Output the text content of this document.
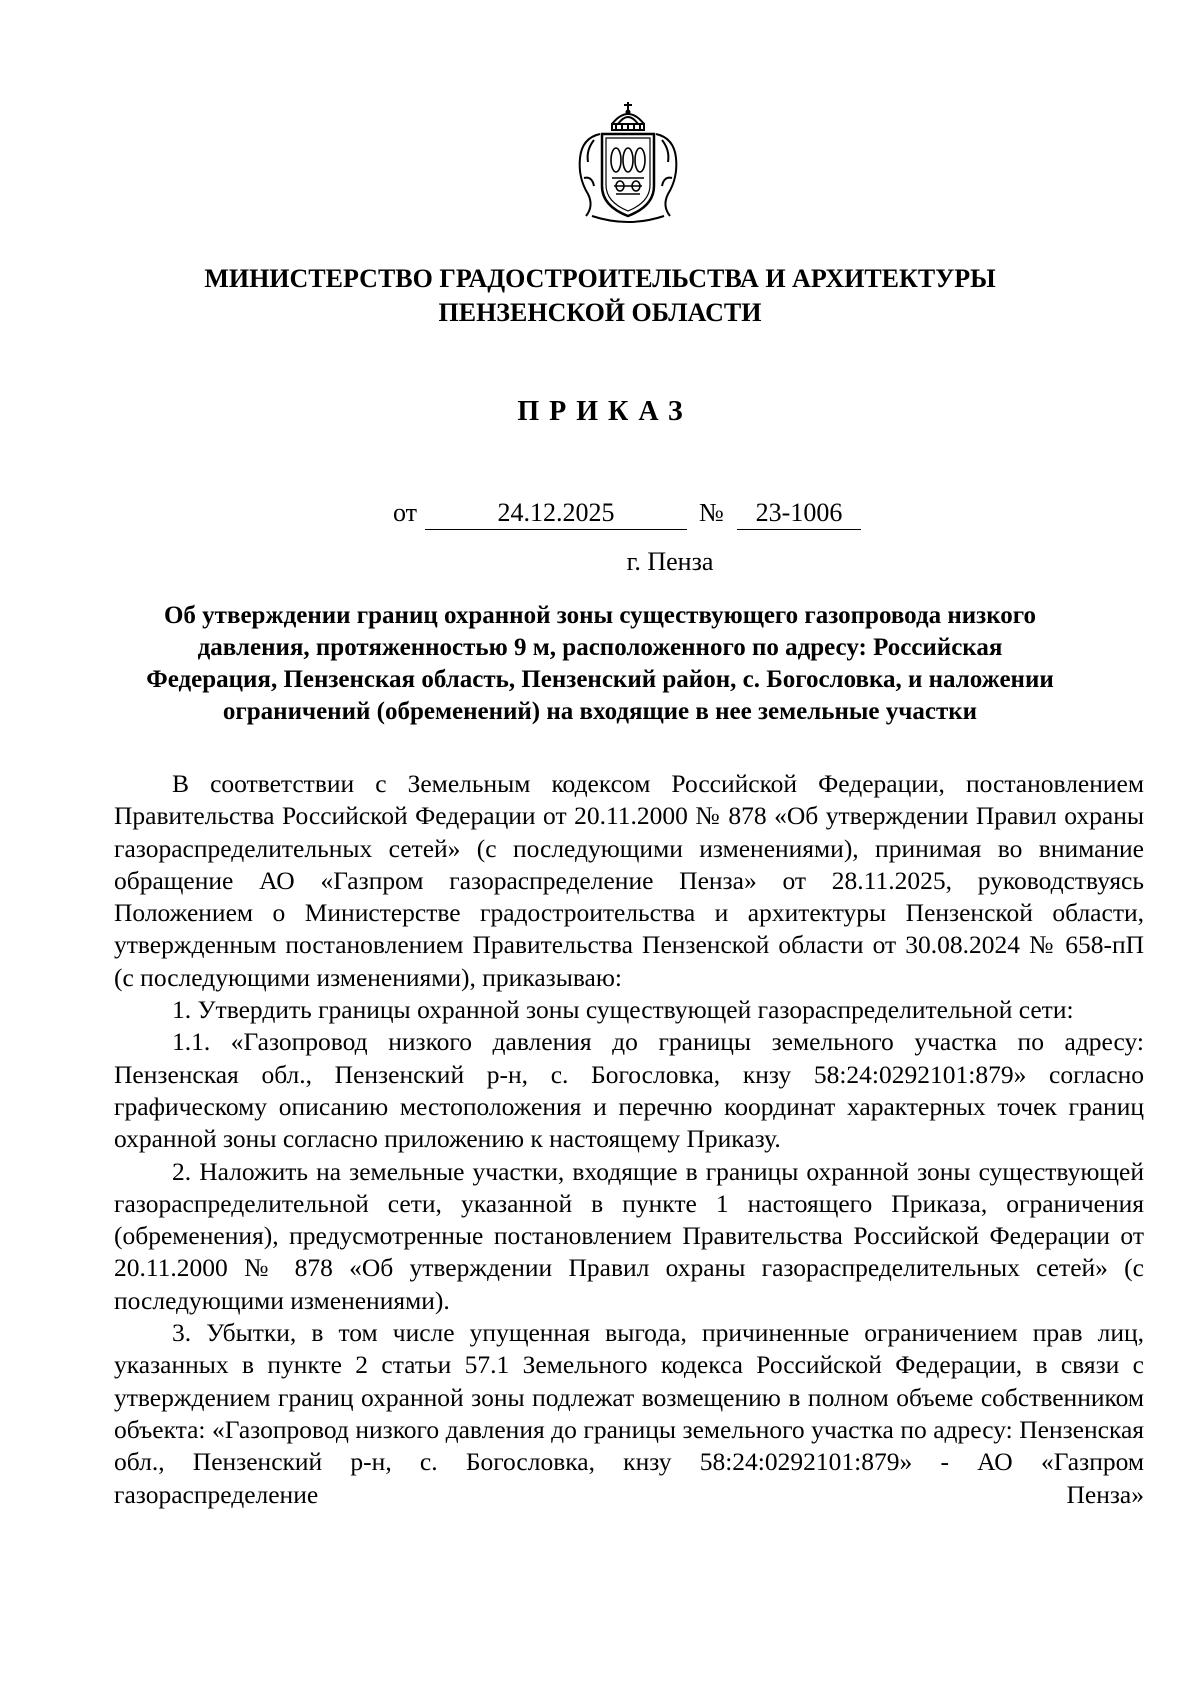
МИНИСТЕРСТВО ГРАДОСТРОИТЕЛЬСТВА И АРХИТЕКТУРЫ
ПЕНЗЕНСКОЙ ОБЛАСТИ
ПРИКАЗ
от	24.12.2025	№	23-1006
г. Пенза
Об утверждении границ охранной зоны существующего газопровода низкого
давления, протяженностью 9 м, расположенного по адресу: Российская
Федерация, Пензенская область, Пензенский район, с. Богословка, и наложении
ограничений (обременений) на входящие в нее земельные участки

В соответствии с Земельным кодексом Российской Федерации, постановлением Правительства Российской Федерации от 20.11.2000 № 878 «Об утверждении Правил охраны газораспределительных сетей» (с последующими изменениями), принимая во внимание обращение АО «Газпром газораспределение Пенза» от 28.11.2025, руководствуясь Положением о Министерстве градостроительства и архитектуры Пензенской области, утвержденным постановлением Правительства Пензенской области от 30.08.2024 № 658-пП (с последующими изменениями), приказываю:

1. Утвердить границы охранной зоны существующей газораспределительной сети:

1.1. «Газопровод низкого давления до границы земельного участка по адресу: Пензенская обл., Пензенский р-н, с. Богословка, кнзу 58:24:0292101:879» согласно графическому описанию местоположения и перечню координат характерных точек границ охранной зоны согласно приложению к настоящему Приказу.

2. Наложить на земельные участки, входящие в границы охранной зоны существующей газораспределительной сети, указанной в пункте 1 настоящего Приказа, ограничения (обременения), предусмотренные постановлением Правительства Российской Федерации от 20.11.2000 № 878 «Об утверждении Правил охраны газораспределительных сетей» (с последующими изменениями).

3. Убытки, в том числе упущенная выгода, причиненные ограничением прав лиц, указанных в пункте 2 статьи 57.1 Земельного кодекса Российской Федерации, в связи с утверждением границ охранной зоны подлежат возмещению в полном объеме собственником объекта: «Газопровод низкого давления до границы земельного участка по адресу: Пензенская обл., Пензенский р-н, с. Богословка, кнзу 58:24:0292101:879» - АО «Газпром газораспределение Пенза»
